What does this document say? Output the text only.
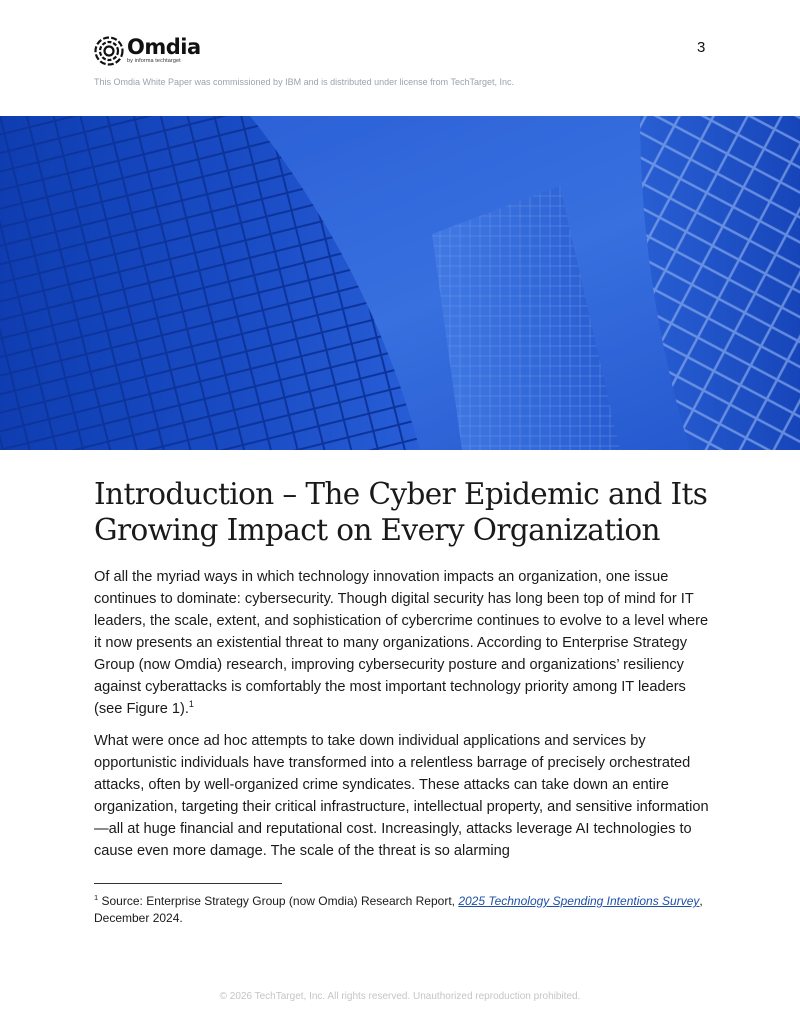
Omdia
by informa techtarget
3
This Omdia White Paper was commissioned by IBM and is distributed under license from TechTarget, Inc.
Introduction – The Cyber Epidemic and Its Growing Impact on Every Organization

Of all the myriad ways in which technology innovation impacts an organization, one issue continues to dominate: cybersecurity. Though digital security has long been top of mind for IT leaders, the scale, extent, and sophistication of cybercrime continues to evolve to a level where it now presents an existential threat to many organizations. According to Enterprise Strategy Group (now Omdia) research, improving cybersecurity posture and organizations’ resiliency against cyberattacks is comfortably the most important technology priority among IT leaders (see Figure 1).$^1$

What were once ad hoc attempts to take down individual applications and services by opportunistic individuals have transformed into a relentless barrage of precisely orchestrated attacks, often by well-organized crime syndicates. These attacks can take down an entire organization, targeting their critical infrastructure, intellectual property, and sensitive information—all at huge financial and reputational cost. Increasingly, attacks leverage AI technologies to cause even more damage. The scale of the threat is so alarming

$^1$ Source: Enterprise Strategy Group (now Omdia) Research Report, 2025 Technology Spending Intentions Survey, December 2024.
© 2026 TechTarget, Inc. All rights reserved. Unauthorized reproduction prohibited.
